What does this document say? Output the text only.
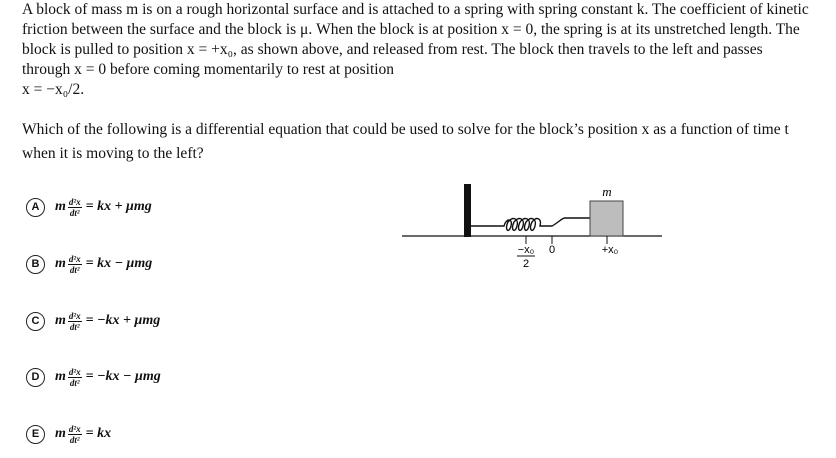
A block of mass m is on a rough horizontal surface and is attached to a spring with spring constant k. The coefficient of kinetic friction between the surface and the block is μ. When the block is at position x = 0, the spring is at its unstretched length. The block is pulled to position x = +x₀, as shown above, and released from rest. The block then travels to the left and passes through x = 0 before coming momentarily to rest at position
x = −x₀/2.

Which of the following is a differential equation that could be used to solve for the block’s position x as a function of time t when it is moving to the left?

A	m $\frac{\text{d²x}}{\text{dt²}}$ = kx + μmg
B	m $\frac{\text{d²x}}{\text{dt²}}$ = kx − μmg
C	m $\frac{\text{d²x}}{\text{dt²}} = -kx + \mu mg$
D	m $\frac{\text{d²x}}{\text{dt²}} = -kx - \mu mg$
E	m $\frac{\text{d²x}}{\text{dt²}}$ = kx
m
−x₀
2
0	+x₀
